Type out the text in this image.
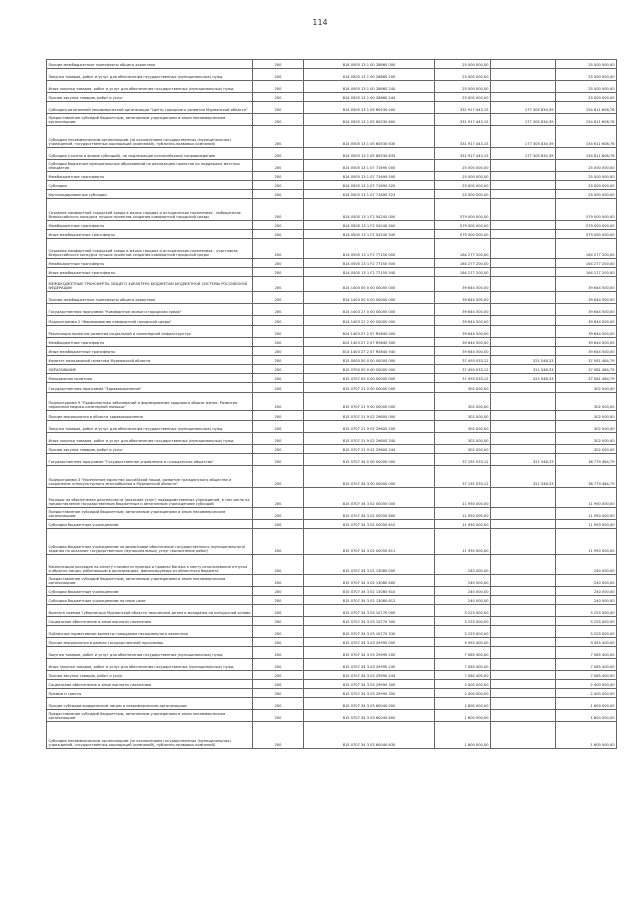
114
Прочие межбюджетные трансферты общего характера	200	814 0505 13 1 00 28660 000	25 000 000,00		25 000 000,00
Закупка товаров, работ и услуг для обеспечения государственных (муниципальных) нужд	200	814 0505 13 1 00 28660 200	25 000 000,00		25 000 000,00
Иные закупки товаров, работ и услуг для обеспечения государственных (муниципальных) нужд	200	814 0505 13 1 00 28660 240	25 000 000,00		25 000 000,00
Прочая закупка товаров, работ и услуг	200	814 0505 13 1 00 28660 244	25 000 000,00		25 000 000,00
Субсидия автономной некоммерческой организации "Центр городского развития Мурманской области"	200	814 0505 13 1 05 60530 000	331 917 443,15	177 305 834,39	154 611 608,76
Предоставление субсидий бюджетным, автономным учреждениям и иным некоммерческим организациям	200	814 0505 13 1 05 60530 600	331 917 443,15	177 305 834,39	154 611 608,76
Субсидии некоммерческим организациям (за исключением государственных (муниципальных) учреждений, государственных корпораций (компаний), публично-правовых компаний)	200	814 0505 13 1 05 60530 630	331 917 443,15	177 305 834,39	154 611 608,76
Субсидии (гранты в форме субсидий), не подлежащие казначейскому сопровождению	200	814 0505 13 1 05 60530 633	331 917 443,15	177 305 834,39	154 611 608,76
Субсидия бюджетам муниципальных образований на реализацию проектов по поддержке местных инициатив	200	814 0505 13 1 07 71690 000	25 000 000,00		25 000 000,00
Межбюджетные трансферты	200	814 0505 13 1 07 71690 500	25 000 000,00		25 000 000,00
Субсидии	200	814 0505 13 1 07 71690 520	25 000 000,00		25 000 000,00
Консолидированные субсидии	200	814 0505 13 1 07 71690 523	25 000 000,00		25 000 000,00
Создание комфортной городской среды в малых городах и исторических поселениях - победителях Всероссийского конкурса лучших проектов создания комфортной городской среды	200	814 0505 13 1 F2 54240 000	579 000 000,00		579 000 000,00
Межбюджетные трансферты	200	814 0505 13 1 F2 54240 500	579 000 000,00		579 000 000,00
Иные межбюджетные трансферты	200	814 0505 13 1 F2 54240 540	579 000 000,00		579 000 000,00
Создание комфортной городской среды в малых городах и исторических поселениях - участниках Всероссийского конкурса лучших проектов создания комфортной городской среды	200	814 0505 13 1 F2 77150 000	164 277 200,00		164 277 200,00
Межбюджетные трансферты	200	814 0505 13 1 F2 77150 500	164 277 200,00		164 277 200,00
Иные межбюджетные трансферты	200	814 0505 13 1 F2 77150 540	164 277 200,00		164 277 200,00
МЕЖБЮДЖЕТНЫЕ ТРАНСФЕРТЫ ОБЩЕГО ХАРАКТЕРА БЮДЖЕТАМ БЮДЖЕТНОЙ СИСТЕМЫ РОССИЙСКОЙ ФЕДЕРАЦИИ	200	814 1400 00 0 00 00000 000	39 644 500,00		39 644 500,00
Прочие межбюджетные трансферты общего характера	200	814 1403 00 0 00 00000 000	39 644 500,00		39 644 500,00
Государственная программа "Комфортное жилье и городская среда"	200	814 1403 27 0 00 00000 000	39 644 500,00		39 644 500,00
Подпрограмма 2 "Формирование комфортной городской среды"	200	814 1403 27 2 00 00000 000	39 644 500,00		39 644 500,00
Реализация проектов развития социальной и инженерной инфраструктур	200	814 1403 27 2 07 R5840 000	39 644 500,00		39 644 500,00
Межбюджетные трансферты	200	814 1403 27 2 07 R5840 500	39 644 500,00		39 644 500,00
Иные межбюджетные трансферты	200	814 1403 27 2 07 R5840 540	39 644 500,00		39 644 500,00
Комитет молодежной политики Мурманской области	200	815 0000 00 0 00 00000 000	37 493 033,12	321 548,33	37 081 484,79
ОБРАЗОВАНИЕ	200	815 0700 00 0 00 00000 000	37 493 033,12	321 548,33	37 081 484,79
Молодежная политика	200	815 0707 00 0 00 00000 000	37 493 033,12	321 548,33	37 081 484,79
Государственная программа "Здравоохранение"	200	815 0707 21 0 00 00000 000	302 000,00		302 000,00
Подпрограмма 9 "Профилактика заболеваний и формирование здорового образа жизни. Развитие первичной медико-санитарной помощи"	200	815 0707 21 9 00 00000 000	302 000,00		302 000,00
Прочие мероприятия в области здравоохранения	200	815 0707 21 9 02 29600 000	302 000,00		302 000,00
Закупка товаров, работ и услуг для обеспечения государственных (муниципальных) нужд	200	815 0707 21 9 02 29600 200	302 000,00		302 000,00
Иные закупки товаров, работ и услуг для обеспечения государственных (муниципальных) нужд	200	815 0707 21 9 02 29600 240	302 000,00		302 000,00
Прочая закупка товаров, работ и услуг	200	815 0707 21 9 02 29600 244	302 000,00		302 000,00
Государственная программа "Государственное управление и гражданское общество"	200	815 0707 34 0 00 00000 000	37 191 033,12	321 548,33	36 779 484,79
Подпрограмма 3 "Укрепление единства российской нации, развитие гражданского общества и сохранение этнокультурного многообразия в Мурманской области"	200	815 0707 34 3 00 00000 000	37 191 033,12	321 548,33	36 779 484,79
Расходы на обеспечение деятельности (оказание услуг) подведомственных учреждений, в том числе на предоставление государственным бюджетным и автономным учреждениям субсидий	200	815 0707 34 3 02 00050 000	11 950 000,00		11 950 000,00
Предоставление субсидий бюджетным, автономным учреждениям и иным некоммерческим организациям	200	815 0707 34 3 02 00050 600	11 950 000,00		11 950 000,00
Субсидии бюджетным учреждениям	200	815 0707 34 3 02 00050 610	11 950 000,00		11 950 000,00
Субсидии бюджетным учреждениям на финансовое обеспечение государственного (муниципального) задания на оказание государственных (муниципальных) услуг (выполнение работ)	200	815 0707 34 3 02 00050 611	11 950 000,00		11 950 000,00
Компенсация расходов на оплату стоимости проезда и провоза багажа к месту использования отпуска и обратно лицам, работающим в организациях, финансируемых из областного бюджета	200	815 0707 34 3 02 13080 000	240 000,00		240 000,00
Предоставление субсидий бюджетным, автономным учреждениям и иным некоммерческим организациям	200	815 0707 34 3 02 13080 600	240 000,00		240 000,00
Субсидии бюджетным учреждениям	200	815 0707 34 3 02 13080 610	240 000,00		240 000,00
Субсидии бюджетным учреждениям на иные цели	200	815 0707 34 3 02 13080 612	240 000,00		240 000,00
Выплата премии Губернатора Мурманской области творческим детям и молодёжи на конкурсной основе	200	815 0707 34 3 03 10770 000	5 225 000,00		5 225 000,00
Социальное обеспечение и иные выплаты населению	200	815 0707 34 3 03 10770 300	5 225 000,00		5 225 000,00
Публичные нормативные выплаты гражданам несоциального характера	200	815 0707 34 3 03 10770 330	5 225 000,00		5 225 000,00
Прочие мероприятия в рамках государственной программы	200	815 0707 34 3 03 29990 000	9 455 400,00		9 455 400,00
Закупка товаров, работ и услуг для обеспечения государственных (муниципальных) нужд	200	815 0707 34 3 03 29990 200	7 085 400,00		7 085 400,00
Иные закупки товаров, работ и услуг для обеспечения государственных (муниципальных) нужд	200	815 0707 34 3 03 29990 240	7 085 400,00		7 085 400,00
Прочая закупка товаров, работ и услуг	200	815 0707 34 3 03 29990 244	7 085 400,00		7 085 400,00
Социальное обеспечение и иные выплаты населению	200	815 0707 34 3 03 29990 300	2 400 000,00		2 400 000,00
Премии и гранты	200	815 0707 34 3 03 29990 350	2 400 000,00		2 400 000,00
Прочие субсидии юридическим лицам и некоммерческим организациям	200	815 0707 34 3 03 60040 000	1 600 000,00		1 600 000,00
Предоставление субсидий бюджетным, автономным учреждениям и иным некоммерческим организациям	200	815 0707 34 3 03 60040 600	1 600 000,00		1 600 000,00
Субсидии некоммерческим организациям (за исключением государственных (муниципальных) учреждений, государственных корпораций (компаний), публично-правовых компаний)	200	815 0707 34 3 03 60040 630	1 600 000,00		1 600 000,00
